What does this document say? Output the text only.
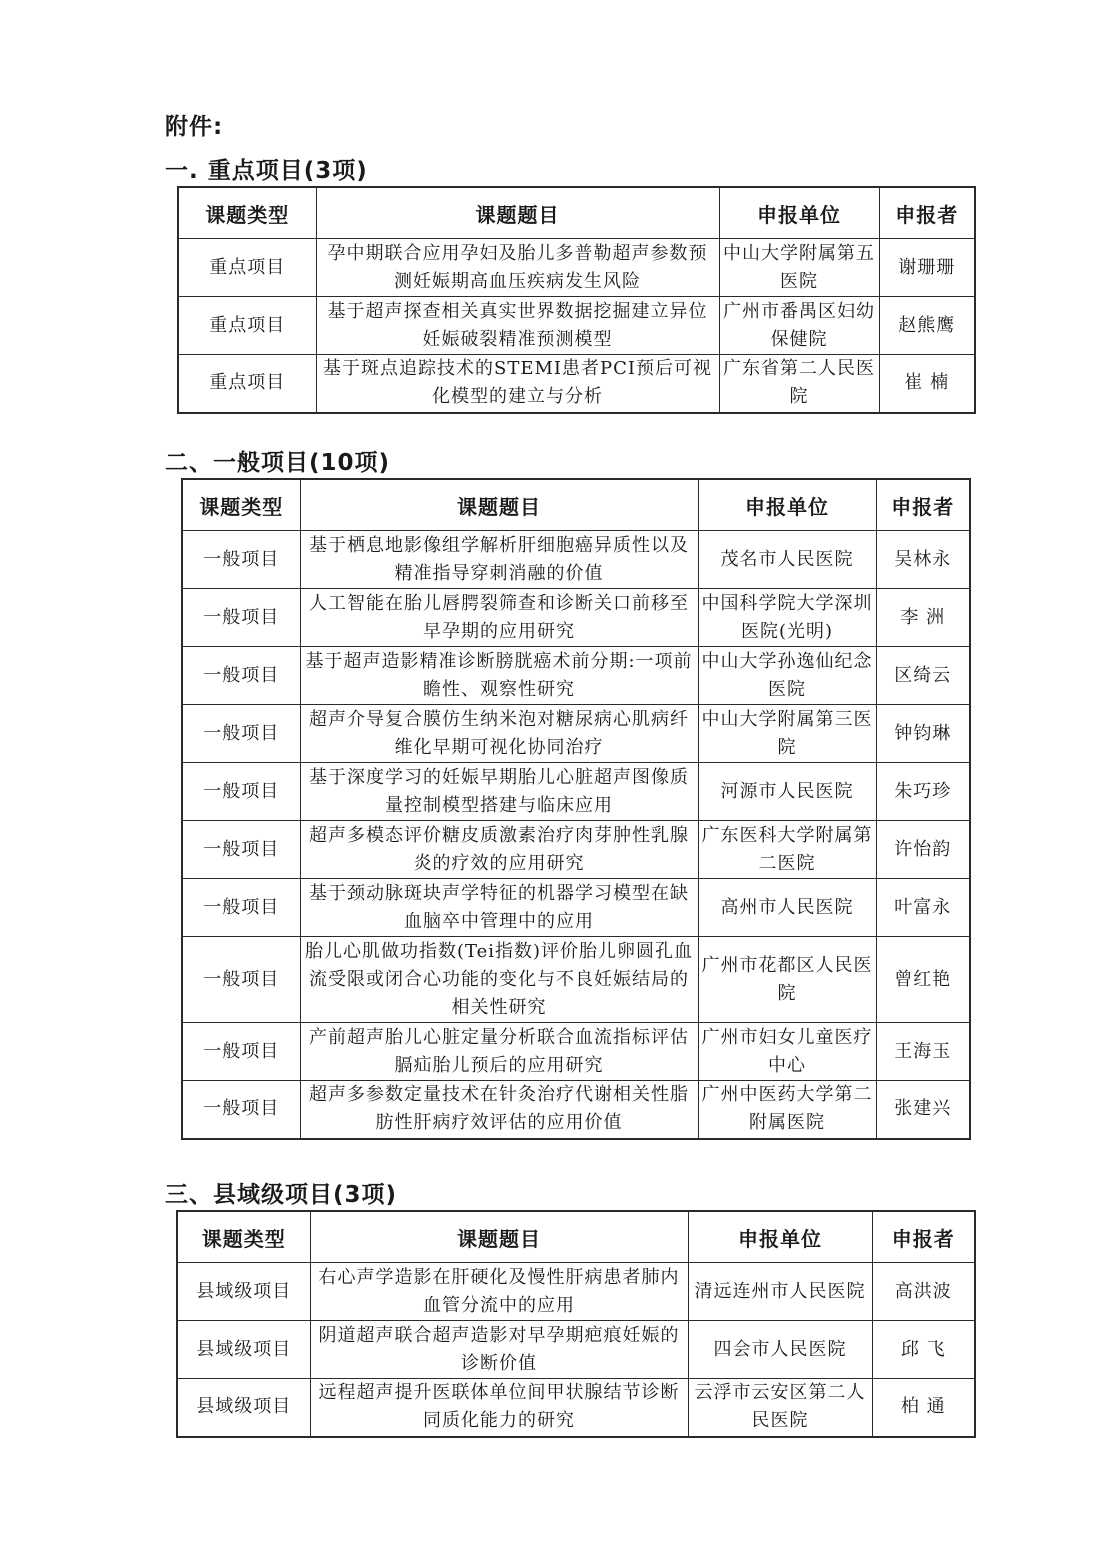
附件:
一. 重点项目(3项)
课题类型	课题题目	申报单位	申报者
重点项目	孕中期联合应用孕妇及胎儿多普勒超声参数预测妊娠期高血压疾病发生风险	中山大学附属第五医院	谢珊珊
重点项目	基于超声探查相关真实世界数据挖掘建立异位妊娠破裂精准预测模型	广州市番禺区妇幼保健院	赵熊鹰
重点项目	基于斑点追踪技术的STEMI患者PCI预后可视化模型的建立与分析	广东省第二人民医院	崔 楠
二、一般项目(10项)
课题类型	课题题目	申报单位	申报者
一般项目	基于栖息地影像组学解析肝细胞癌异质性以及精准指导穿刺消融的价值	茂名市人民医院	吴林永
一般项目	人工智能在胎儿唇腭裂筛查和诊断关口前移至早孕期的应用研究	中国科学院大学深圳医院(光明)	李 洲
一般项目	基于超声造影精准诊断膀胱癌术前分期:一项前瞻性、观察性研究	中山大学孙逸仙纪念医院	区绮云
一般项目	超声介导复合膜仿生纳米泡对糖尿病心肌病纤维化早期可视化协同治疗	中山大学附属第三医院	钟钧琳
一般项目	基于深度学习的妊娠早期胎儿心脏超声图像质量控制模型搭建与临床应用	河源市人民医院	朱巧珍
一般项目	超声多模态评价糖皮质激素治疗肉芽肿性乳腺炎的疗效的应用研究	广东医科大学附属第二医院	许怡韵
一般项目	基于颈动脉斑块声学特征的机器学习模型在缺血脑卒中管理中的应用	高州市人民医院	叶富永
一般项目	胎儿心肌做功指数(Tei指数)评价胎儿卵圆孔血流受限或闭合心功能的变化与不良妊娠结局的相关性研究	广州市花都区人民医院	曾红艳
一般项目	产前超声胎儿心脏定量分析联合血流指标评估膈疝胎儿预后的应用研究	广州市妇女儿童医疗中心	王海玉
一般项目	超声多参数定量技术在针灸治疗代谢相关性脂肪性肝病疗效评估的应用价值	广州中医药大学第二附属医院	张建兴
三、县域级项目(3项)
课题类型	课题题目	申报单位	申报者
县域级项目	右心声学造影在肝硬化及慢性肝病患者肺内血管分流中的应用	清远连州市人民医院	高洪波
县域级项目	阴道超声联合超声造影对早孕期疤痕妊娠的诊断价值	四会市人民医院	邱 飞
县域级项目	远程超声提升医联体单位间甲状腺结节诊断同质化能力的研究	云浮市云安区第二人民医院	柏 通
